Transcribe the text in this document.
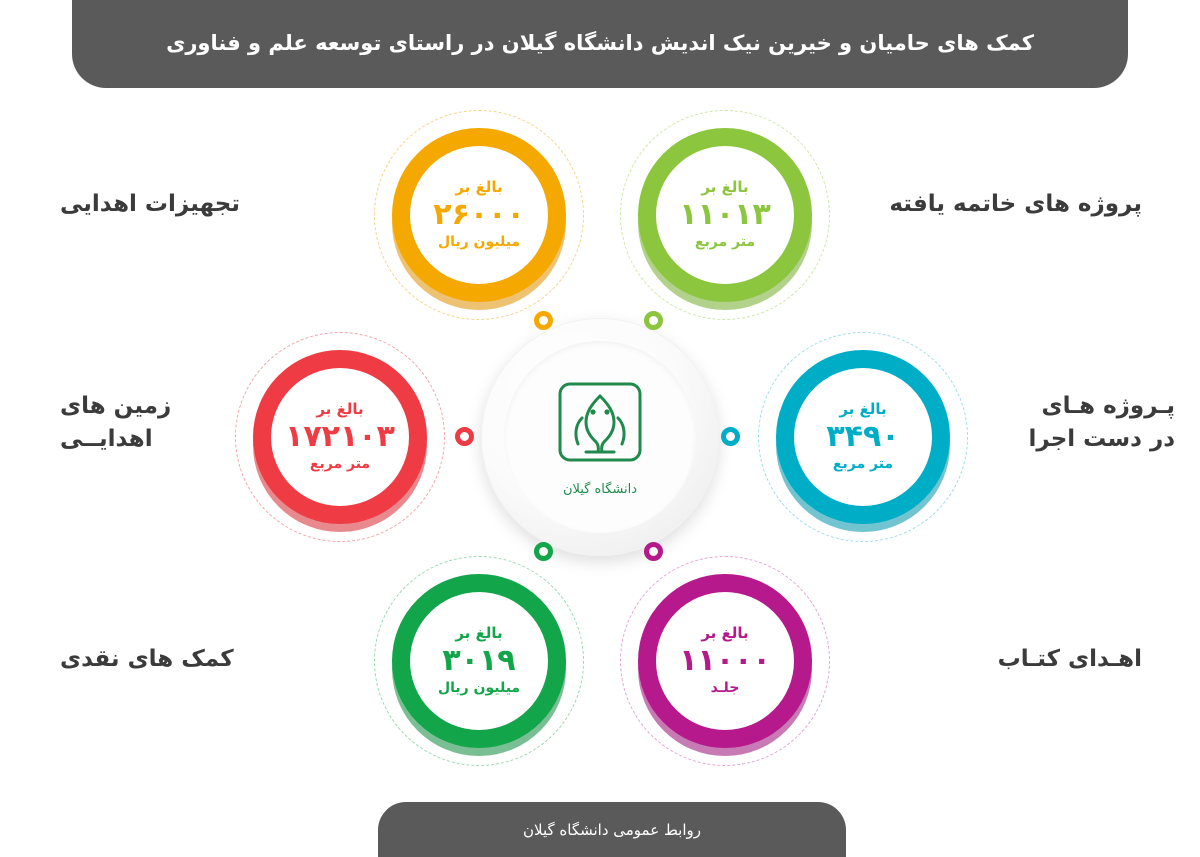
کمک های حامیان و خیرین نیک اندیش دانشگاه گیلان در راستای توسعه علم و فناوری
دانشگاه گیلان
بالغ بر
۱۱۰۱۳
متر مربع
پروژه های خاتمه یافته
بالغ بر
۲۶۰۰۰
میلیون ریال
تجهیزات اهدایی
بالغ بر
۱۷۲۱۰۳
متر مربع
زمین های
اهدایــی
بالغ بر
۳۴۹۰
متر مربع
پـروژه هـای
در دست اجرا
بالغ بر
۳۰۱۹
میلیون ریال
کمک های نقدی
بالغ بر
۱۱۰۰۰
جلـد
اهـدای کتـاب
روابط عمومی دانشگاه گیلان
